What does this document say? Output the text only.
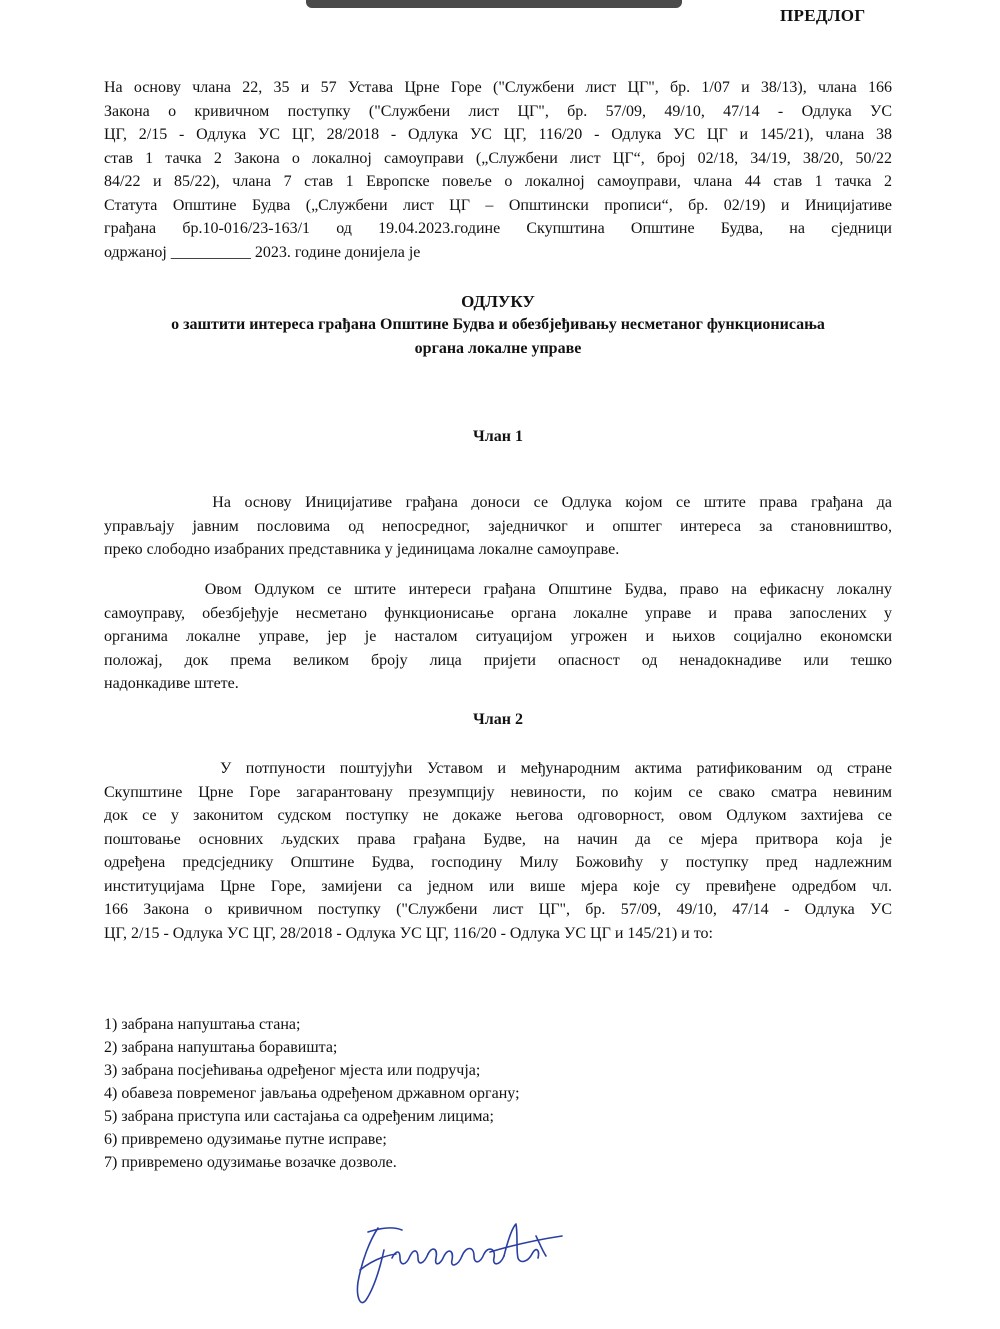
ПРЕДЛОГ
На основу члана 22, 35 и 57 Устава Црне Горе ("Службени лист ЦГ", бр. 1/07 и 38/13), члана 166
Закона о кривичном поступку ("Службени лист ЦГ", бр. 57/09, 49/10, 47/14 - Одлука УС
ЦГ, 2/15 - Одлука УС ЦГ, 28/2018 - Одлука УС ЦГ, 116/20 - Одлука УС ЦГ и 145/21), члана 38
став 1 тачка 2 Закона о локалној самоуправи („Службени лист ЦГ“, број 02/18, 34/19, 38/20, 50/22
84/22 и 85/22), члана 7 став 1 Европске повеље о локалној самоуправи, члана 44 став 1 тачка 2
Статута Општине Будва („Службени лист ЦГ – Општински прописи“, бр. 02/19) и Иницијативе
грађана бр.10-016/23-163/1 од 19.04.2023.године Скупштина Општине Будва, на сједници
одржаној __________ 2023. године донијела је
ОДЛУКУ
о заштити интереса грађана Општине Будва и обезбјеђивању несметаног функционисања
органа локалне управе
Члан 1
На основу Иницијативе грађана доноси се Одлука којом се штите права грађана да
управљају јавним пословима од непосредног, заједничког и општег интереса за становништво,
преко слободно изабраних представника у јединицама локалне самоуправе.
Овом Одлуком се штите интереси грађана Општине Будва, право на ефикасну локалну
самоуправу, обезбјеђује несметано функционисање органа локалне управе и права запослених у
органима локалне управе, јер је насталом ситуацијом угрожен и њихов социјално економски
положај, док према великом броју лица пријети опасност од ненадокнадиве или тешко
надонкадиве штете.
Члан 2
У потпуности поштујући Уставом и међународним актима ратификованим од стране
Скупштине Црне Горе загарантовану презумпцију невиности, по којим се свако сматра невиним
док се у законитом судском поступку не докаже његова одговорност, овом Одлуком захтијева се
поштовање основних људских права грађана Будве, на начин да се мјера притвора која је
одређена предсједнику Општине Будва, господину Милу Божовићу у поступку пред надлежним
институцијама Црне Горе, замијени са једном или више мјера које су превиђене одредбом чл.
166 Закона о кривичном поступку ("Службени лист ЦГ", бр. 57/09, 49/10, 47/14 - Одлука УС
ЦГ, 2/15 - Одлука УС ЦГ, 28/2018 - Одлука УС ЦГ, 116/20 - Одлука УС ЦГ и 145/21) и то:
1) забрана напуштања стана;
2) забрана напуштања боравишта;
3) забрана посјећивања одређеног мјеста или подручја;
4) обавеза повременог јављања одређеном државном органу;
5) забрана приступа или састајања са одређеним лицима;
6) привремено одузимање путне исправе;
7) привремено одузимање возачке дозволе.
